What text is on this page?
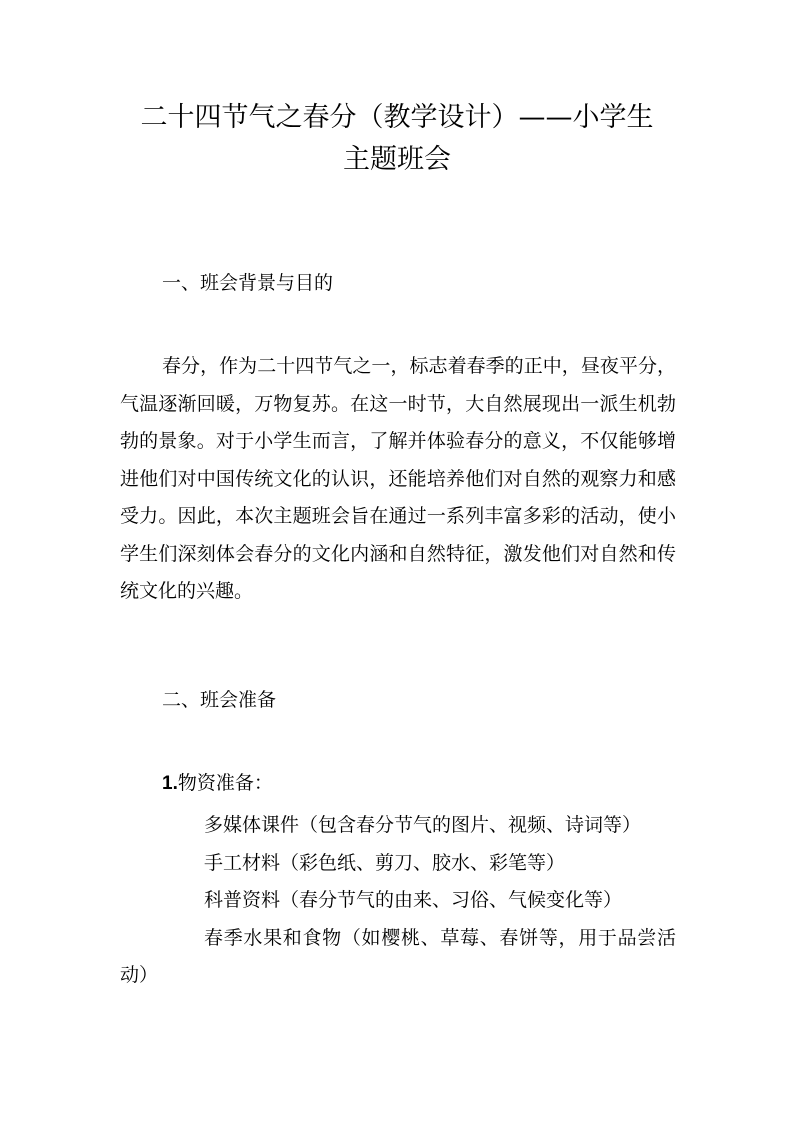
二十四节气之春分（教学设计）——小学生
主题班会
一、班会背景与目的

春分，作为二十四节气之一，标志着春季的正中，昼夜平分，气温逐渐回暖，万物复苏。在这一时节，大自然展现出一派生机勃勃的景象。对于小学生而言，了解并体验春分的意义，不仅能够增进他们对中国传统文化的认识，还能培养他们对自然的观察力和感受力。因此，本次主题班会旨在通过一系列丰富多彩的活动，使小学生们深刻体会春分的文化内涵和自然特征，激发他们对自然和传统文化的兴趣。

二、班会准备
1.物资准备：
多媒体课件（包含春分节气的图片、视频、诗词等）
手工材料（彩色纸、剪刀、胶水、彩笔等）
科普资料（春分节气的由来、习俗、气候变化等）
春季水果和食物（如樱桃、草莓、春饼等，用于品尝活动）
